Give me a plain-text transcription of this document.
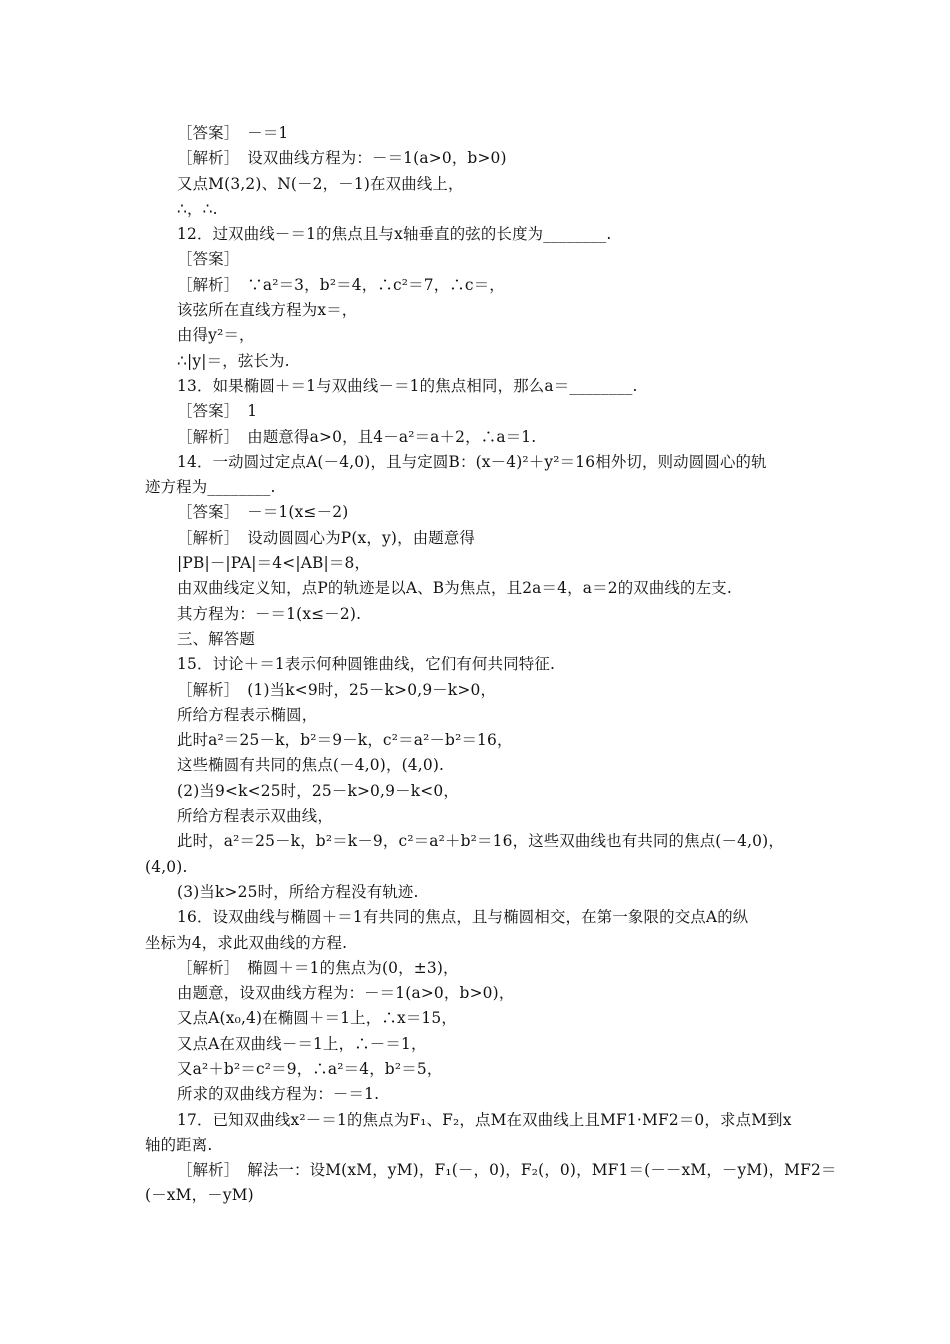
［答案］　－＝1
［解析］　设双曲线方程为：－＝1(a>0，b>0)
又点M(3,2)、N(－2，－1)在双曲线上，
∴，∴.
12．过双曲线－＝1的焦点且与x轴垂直的弦的长度为________.
［答案］
［解析］　∵a²＝3，b²＝4，∴c²＝7，∴c＝，
该弦所在直线方程为x＝，
由得y²＝，
∴|y|＝，弦长为.
13．如果椭圆＋＝1与双曲线－＝1的焦点相同，那么a＝________.
［答案］　1
［解析］　由题意得a>0，且4－a²＝a＋2，∴a＝1.
14．一动圆过定点A(－4,0)，且与定圆B：(x－4)²＋y²＝16相外切，则动圆圆心的轨
迹方程为________.
［答案］　－＝1(x≤－2)
［解析］　设动圆圆心为P(x，y)，由题意得
|PB|－|PA|＝4<|AB|＝8，
由双曲线定义知，点P的轨迹是以A、B为焦点，且2a＝4，a＝2的双曲线的左支.
其方程为：－＝1(x≤－2).
三、解答题
15．讨论＋＝1表示何种圆锥曲线，它们有何共同特征.
［解析］　(1)当k<9时，25－k>0,9－k>0，
所给方程表示椭圆，
此时a²＝25－k，b²＝9－k，c²＝a²－b²＝16，
这些椭圆有共同的焦点(－4,0)，(4,0).
(2)当9<k<25时，25－k>0,9－k<0，
所给方程表示双曲线，
此时，a²＝25－k，b²＝k－9，c²＝a²＋b²＝16，这些双曲线也有共同的焦点(－4,0)，
(4,0).
(3)当k>25时，所给方程没有轨迹.
16．设双曲线与椭圆＋＝1有共同的焦点，且与椭圆相交，在第一象限的交点A的纵
坐标为4，求此双曲线的方程.
［解析］　椭圆＋＝1的焦点为(0，±3)，
由题意，设双曲线方程为：－＝1(a>0，b>0)，
又点A(x₀,4)在椭圆＋＝1上，∴x＝15，
又点A在双曲线－＝1上，∴－＝1，
又a²＋b²＝c²＝9，∴a²＝4，b²＝5，
所求的双曲线方程为：－＝1.
17．已知双曲线x²－＝1的焦点为F₁、F₂，点M在双曲线上且MF1·MF2＝0，求点M到x
轴的距离.
［解析］　解法一：设M(xM，yM)，F₁(－，0)，F₂(，0)，MF1＝(－－xM，－yM)，MF2＝
(－xM，－yM)
